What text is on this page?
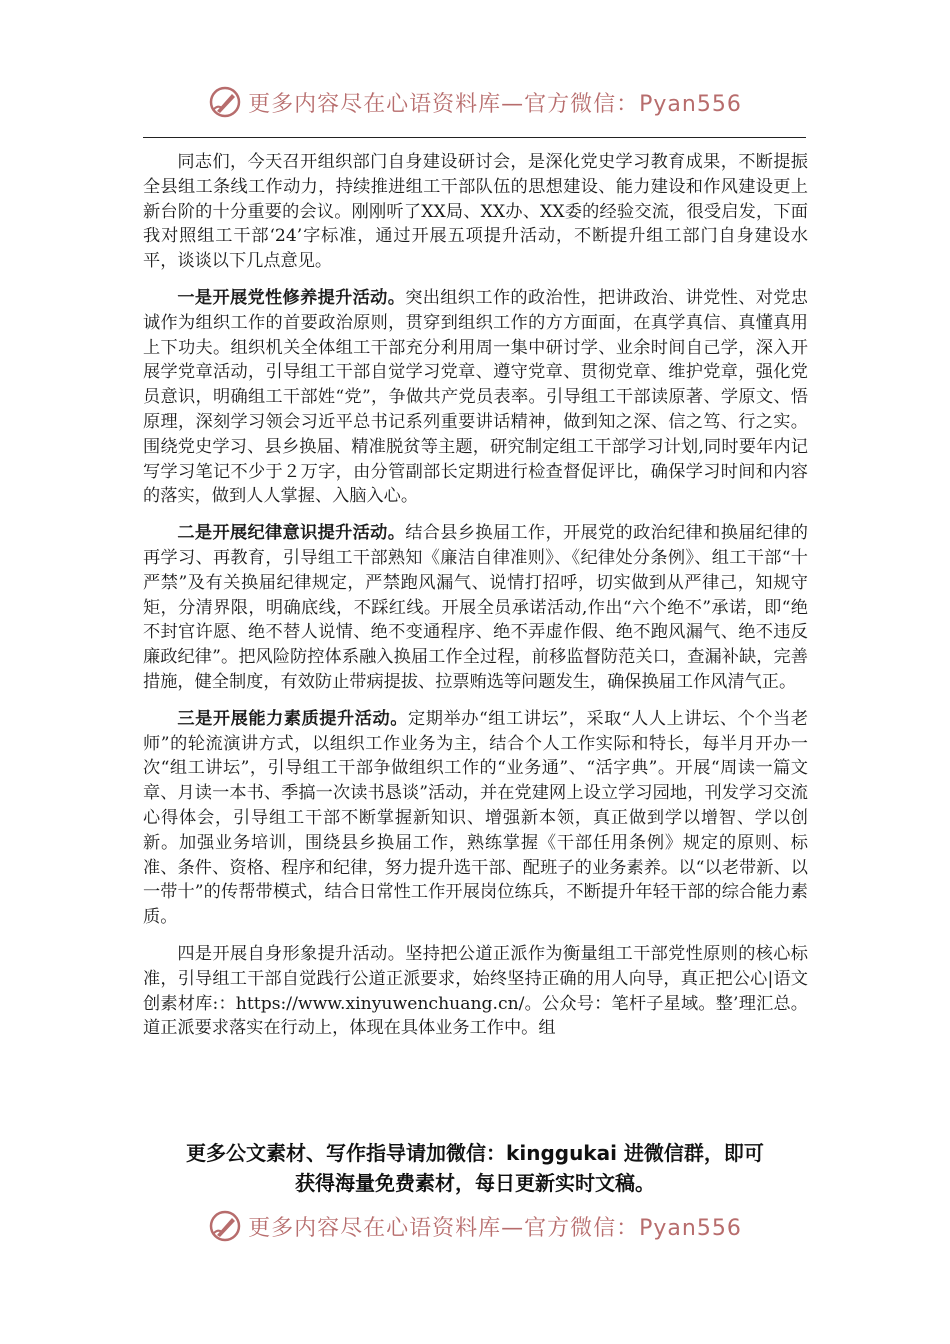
更多内容尽在心语资料库—官方微信：Pyan556

同志们，今天召开组织部门自身建设研讨会，是深化党史学习教育成果，不断提振全县组工条线工作动力，持续推进组工干部队伍的思想建设、能力建设和作风建设更上新台阶的十分重要的会议。刚刚听了XX局、XX办、XX委的经验交流，很受启发，下面我对照组工干部‘24’字标准，通过开展五项提升活动，不断提升组工部门自身建设水平，谈谈以下几点意见。

一是开展党性修养提升活动。突出组织工作的政治性，把讲政治、讲党性、对党忠诚作为组织工作的首要政治原则，贯穿到组织工作的方方面面，在真学真信、真懂真用上下功夫。组织机关全体组工干部充分利用周一集中研讨学、业余时间自己学，深入开展学党章活动，引导组工干部自觉学习党章、遵守党章、贯彻党章、维护党章，强化党员意识，明确组工干部姓“党”，争做共产党员表率。引导组工干部读原著、学原文、悟原理，深刻学习领会习近平总书记系列重要讲话精神，做到知之深、信之笃、行之实。围绕党史学习、县乡换届、精准脱贫等主题，研究制定组工干部学习计划,同时要年内记写学习笔记不少于２万字，由分管副部长定期进行检查督促评比，确保学习时间和内容的落实，做到人人掌握、入脑入心。

二是开展纪律意识提升活动。结合县乡换届工作，开展党的政治纪律和换届纪律的再学习、再教育，引导组工干部熟知《廉洁自律准则》、《纪律处分条例》、组工干部“十严禁”及有关换届纪律规定，严禁跑风漏气、说情打招呼，切实做到从严律己，知规守矩，分清界限，明确底线，不踩红线。开展全员承诺活动,作出“六个绝不”承诺，即“绝不封官许愿、绝不替人说情、绝不变通程序、绝不弄虚作假、绝不跑风漏气、绝不违反廉政纪律”。把风险防控体系融入换届工作全过程，前移监督防范关口，查漏补缺，完善措施，健全制度，有效防止带病提拔、拉票贿选等问题发生，确保换届工作风清气正。

三是开展能力素质提升活动。定期举办“组工讲坛”，采取“人人上讲坛、个个当老师”的轮流演讲方式，以组织工作业务为主，结合个人工作实际和特长，每半月开办一次“组工讲坛”，引导组工干部争做组织工作的“业务通”、“活字典”。开展“周读一篇文章、月读一本书、季搞一次读书恳谈”活动，并在党建网上设立学习园地，刊发学习交流心得体会，引导组工干部不断掌握新知识、增强新本领，真正做到学以增智、学以创新。加强业务培训，围绕县乡换届工作，熟练掌握《干部任用条例》规定的原则、标准、条件、资格、程序和纪律，努力提升选干部、配班子的业务素养。以“以老带新、以一带十”的传帮带模式，结合日常性工作开展岗位练兵，不断提升年轻干部的综合能力素质。

四是开展自身形象提升活动。坚持把公道正派作为衡量组工干部党性原则的核心标准，引导组工干部自觉践行公道正派要求，始终坚持正确的用人向导，真正把公心|语文创素材库:：https://www.xinyuwenchuang.cn/。公众号：笔杆子星域。整’理汇总。道正派要求落实在行动上，体现在具体业务工作中。组

更多公文素材、写作指导请加微信：kinggukai 进微信群，即可
获得海量免费素材，每日更新实时文稿。
更多内容尽在心语资料库—官方微信：Pyan556
